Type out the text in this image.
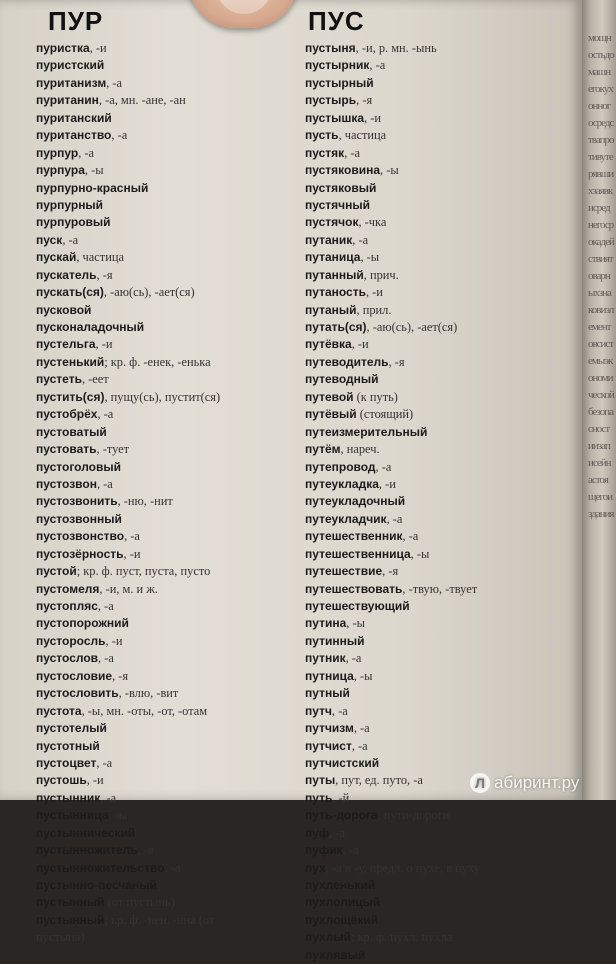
ПУР	ПУС
пуристка, -и
пуристский
пуританизм, -а
пуританин, -а, мн. -ане, -ан
пуританский
пуританство, -а
пурпур, -а
пурпура, -ы
пурпурно-красный
пурпурный
пурпуровый
пуск, -а
пускай, частица
пускатель, -я
пускать(ся), -аю(сь), -ает(ся)
пусковой
пусконаладочный
пустельга, -и
пустенький; кр. ф. -енек, -енька
пустеть, -еет
пустить(ся), пущу(сь), пустит(ся)
пустобрёх, -а
пустоватый
пустовать, -тует
пустоголовый
пустозвон, -а
пустозвонить, -ню, -нит
пустозвонный
пустозвонство, -а
пустозёрность, -и
пустой; кр. ф. пуст, пуста, пусто
пустомеля, -и, м. и ж.
пустопляс, -а
пустопорожний
пусторосль, -и
пустослов, -а
пустословие, -я
пустословить, -влю, -вит
пустота, -ы, мн. -оты, -от, -отам
пустотелый
пустотный
пустоцвет, -а
пустошь, -и
пустынник, -а
пустынница, -ы
пустыннический
пустынножитель, -я
пустынножительство, -а
пустынно-песчаный
пустынный (от пустынь)
пустынный; кр. ф. -нен, -нна (от
пустыня)
пустыня, -и, р. мн. -ынь
пустырник, -а
пустырный
пустырь, -я
пустышка, -и
пусть, частица
пустяк, -а
пустяковина, -ы
пустяковый
пустячный
пустячок, -чка
путаник, -а
путаница, -ы
путанный, прич.
путаность, -и
путаный, прил.
путать(ся), -аю(сь), -ает(ся)
путёвка, -и
путеводитель, -я
путеводный
путевой (к путь)
путёвый (стоящий)
путеизмерительный
путём, нареч.
путепровод, -а
путеукладка, -и
путеукладочный
путеукладчик, -а
путешественник, -а
путешественница, -ы
путешествие, -я
путешествовать, -твую, -твует
путешествующий
путина, -ы
путинный
путник, -а
путница, -ы
путный
путч, -а
путчизм, -а
путчист, -а
путчистский
путы, пут, ед. путо, -а
путь, -й
путь-дорога, пути-дороги
пуф, -а
пуфик, -а
пух, -а и -у, предл. о пухе, в пуху
пухленький
пухлолицый
пухлощёкий
пухлый; кр. ф. пухл, пухла
пухлявый
мощностьдомашнегокухонногосредствапротивутерявшихзаявкисреднегосрокадействиятоварныхзнаковиэлементовсистемыэкономическойбезопасностиизаписейнастоящегоиздания
Л абиринт.ру
